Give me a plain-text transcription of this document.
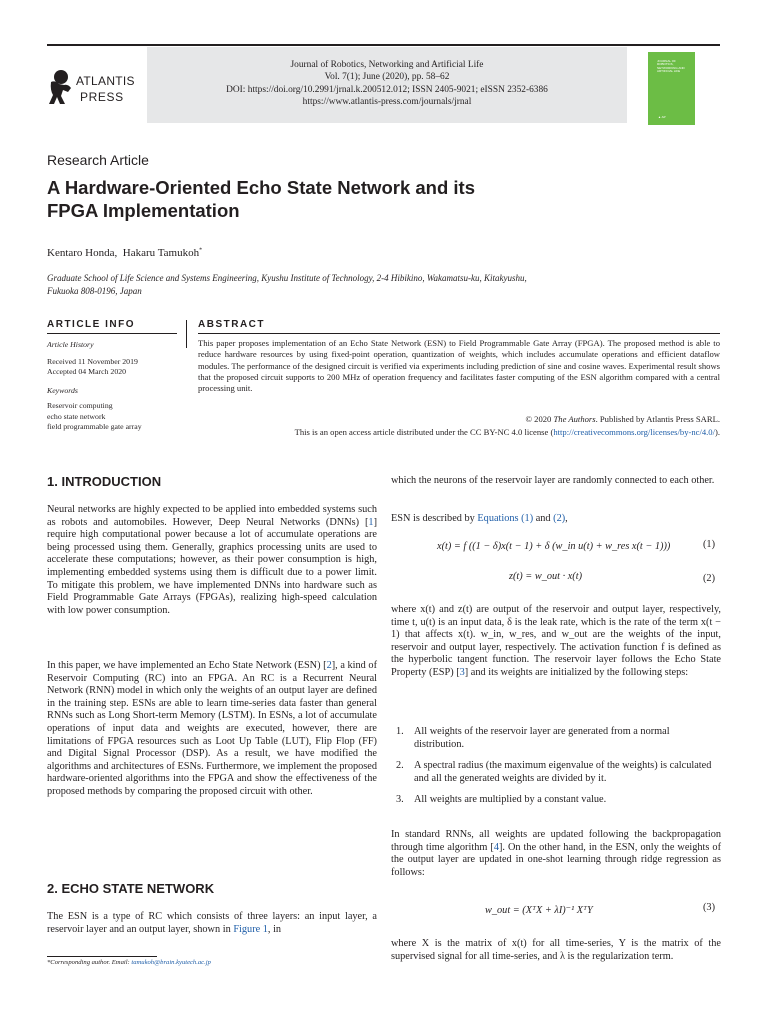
ATLANTIS
PRESS
Journal of Robotics, Networking and Artificial Life
Vol. 7(1); June (2020), pp. 58–62
DOI: https://doi.org/10.2991/jrnal.k.200512.012; ISSN 2405-9021; eISSN 2352-6386
https://www.atlantis-press.com/journals/jrnal
JOURNAL OF ROBOTICS, NETWORKING AND ARTIFICIAL LIFE
▲ AP
Research Article
A Hardware-Oriented Echo State Network and its
FPGA Implementation
Kentaro Honda, Hakaru Tamukoh*
Graduate School of Life Science and Systems Engineering, Kyushu Institute of Technology, 2-4 Hibikino, Wakamatsu-ku, Kitakyushu,
Fukuoka 808-0196, Japan
ARTICLE INFO	ABSTRACT
Article History
Received 11 November 2019
Accepted 04 March 2020
Keywords
Reservoir computing
echo state network
field programmable gate array
This paper proposes implementation of an Echo State Network (ESN) to Field Programmable Gate Array (FPGA). The proposed method is able to reduce hardware resources by using fixed-point operation, quantization of weights, which includes accumulate operations and efficient dataflow modules. The performance of the designed circuit is verified via experiments including prediction of sine and cosine waves. Experimental result shows that the proposed circuit supports to 200 MHz of operation frequency and facilitates faster computing of the ESN algorithm compared with a central processing unit.
© 2020 The Authors. Published by Atlantis Press SARL.
This is an open access article distributed under the CC BY-NC 4.0 license (http://creativecommons.org/licenses/by-nc/4.0/).
1. INTRODUCTION

Neural networks are highly expected to be applied into embedded systems such as robots and automobiles. However, Deep Neural Networks (DNNs) [1] require high computational power because a lot of accumulate operations are being processed using them. Generally, graphics processing units are used to accelerate these computations; however, as their power consumption is high, implementing embedded systems using them is difficult due to a power limit. To mitigate this problem, we have implemented DNNs into hardware such as Field Programmable Gate Arrays (FPGAs), realizing high-speed calculation with low power consumption.

In this paper, we have implemented an Echo State Network (ESN) [2], a kind of Reservoir Computing (RC) into an FPGA. An RC is a Recurrent Neural Network (RNN) model in which only the weights of an output layer are defined in the training step. ESNs are able to learn time-series data faster than general RNNs such as Long Short-term Memory (LSTM). In ESNs, a lot of accumulate operations of input data and weights are executed, however, there are limitations of FPGA resources such as Loot Up Table (LUT), Flip Flop (FF) and Digital Signal Processor (DSP). As a result, we have modified the algorithms and architectures of ESNs. Furthermore, we implement the proposed hardware-oriented algorithms into the FPGA and show the effectiveness of the proposed methods by comparing the proposed circuit with other.

2. ECHO STATE NETWORK

The ESN is a type of RC which consists of three layers: an input layer, a reservoir layer and an output layer, shown in Figure 1, in

which the neurons of the reservoir layer are randomly connected to each other.
ESN is described by Equations (1) and (2),
x(t) = f ((1 − δ)x(t − 1) + δ (w_in u(t) + w_res x(t − 1)))	(1)
z(t) = w_out · x(t)	(2)
where x(t) and z(t) are output of the reservoir and output layer, respectively, time t, u(t) is an input data, δ is the leak rate, which is the rate of the term x(t − 1) that affects x(t). w_in, w_res, and w_out are the weights of the input, reservoir and output layer, respectively. The activation function f is defined as the hyperbolic tangent function. The reservoir layer follows the Echo State Property (ESP) [3] and its weights are initialized by the following steps:
1. All weights of the reservoir layer are generated from a normal distribution.
2. A spectral radius (the maximum eigenvalue of the weights) is calculated and all the generated weights are divided by it.
3. All weights are multiplied by a constant value.
In standard RNNs, all weights are updated following the backpropagation through time algorithm [4]. On the other hand, in the ESN, only the weights of the output layer are updated in one-shot learning through ridge regression as follows:
w_out = (XᵀX + λI)⁻¹ XᵀY	(3)
where X is the matrix of x(t) for all time-series, Y is the matrix of the supervised signal for all time-series, and λ is the regularization term.
*Corresponding author. Email: tamukoh@brain.kyutech.ac.jp
